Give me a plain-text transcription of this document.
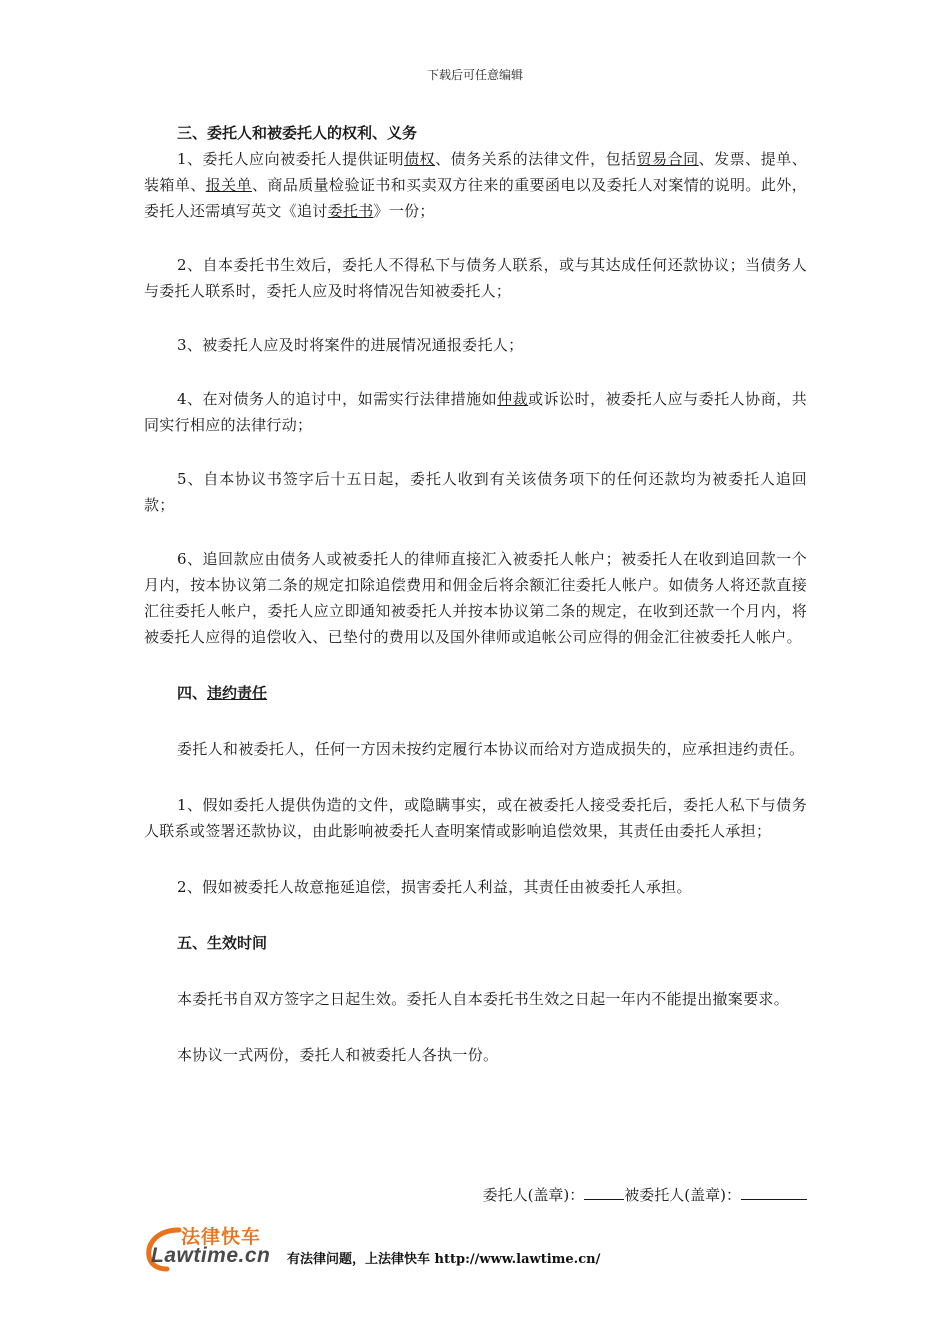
下载后可任意编辑
三、委托人和被委托人的权利、义务

1、委托人应向被委托人提供证明债权、债务关系的法律文件，包括贸易合同、发票、提单、装箱单、报关单、商品质量检验证书和买卖双方往来的重要函电以及委托人对案情的说明。此外，委托人还需填写英文《追讨委托书》一份；

2、自本委托书生效后，委托人不得私下与债务人联系，或与其达成任何还款协议；当债务人与委托人联系时，委托人应及时将情况告知被委托人；

3、被委托人应及时将案件的进展情况通报委托人；

4、在对债务人的追讨中，如需实行法律措施如仲裁或诉讼时，被委托人应与委托人协商，共同实行相应的法律行动；

5、自本协议书签字后十五日起，委托人收到有关该债务项下的任何还款均为被委托人追回款；

6、追回款应由债务人或被委托人的律师直接汇入被委托人帐户；被委托人在收到追回款一个月内，按本协议第二条的规定扣除追偿费用和佣金后将余额汇往委托人帐户。如债务人将还款直接汇往委托人帐户，委托人应立即通知被委托人并按本协议第二条的规定，在收到还款一个月内，将被委托人应得的追偿收入、已垫付的费用以及国外律师或追帐公司应得的佣金汇往被委托人帐户。

四、违约责任

委托人和被委托人，任何一方因未按约定履行本协议而给对方造成损失的，应承担违约责任。

1、假如委托人提供伪造的文件，或隐瞒事实，或在被委托人接受委托后，委托人私下与债务人联系或签署还款协议，由此影响被委托人查明案情或影响追偿效果，其责任由委托人承担；

2、假如被委托人故意拖延追偿，损害委托人利益，其责任由被委托人承担。

五、生效时间

本委托书自双方签字之日起生效。委托人自本委托书生效之日起一年内不能提出撤案要求。

本协议一式两份，委托人和被委托人各执一份。

委托人(盖章)：	被委托人(盖章)：
法律快车
Lawtime.cn 有法律问题，上法律快车 http://www.lawtime.cn/
